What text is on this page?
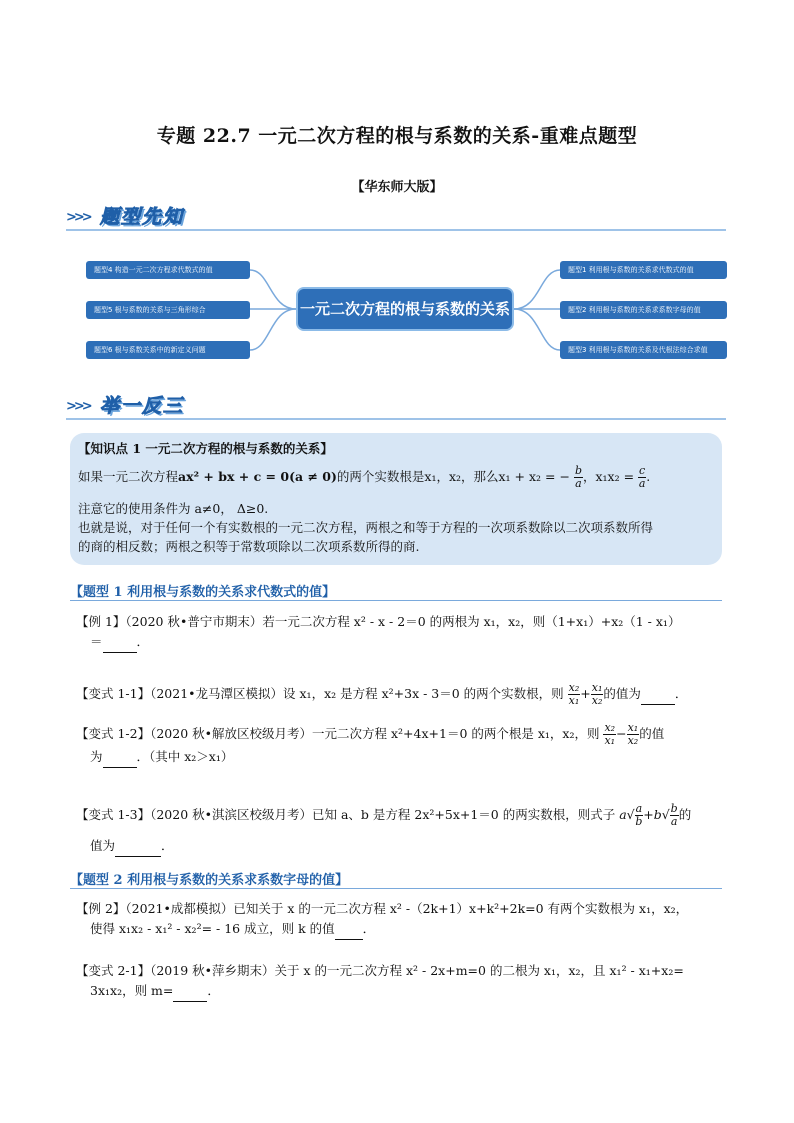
专题 22.7 一元二次方程的根与系数的关系-重难点题型
【华东师大版】
>>> 题型先知
题型4 构造一元二次方程求代数式的值
题型5 根与系数的关系与三角形综合
题型6 根与系数关系中的新定义问题
一元二次方程的根与系数的关系
题型1 利用根与系数的关系求代数式的值
题型2 利用根与系数的关系求系数字母的值
题型3 利用根与系数的关系及代根法综合求值
>>> 举一反三
【知识点 1 一元二次方程的根与系数的关系】
如果一元二次方程ax² + bx + c = 0(a ≠ 0)的两个实数根是x₁，x₂，那么x₁ + x₂ = − $\frac{b}{a}$ ，$x_1x_2 = \frac{c}{a}$ .
注意它的使用条件为 a≠0， Δ≥0.
也就是说，对于任何一个有实数根的一元二次方程，两根之和等于方程的一次项系数除以二次项系数所得
的商的相反数；两根之积等于常数项除以二次项系数所得的商.
【题型 1 利用根与系数的关系求代数式的值】
【例 1】（2020 秋•普宁市期末）若一元二次方程 x² - x - 2＝0 的两根为 x₁，x₂，则（1+x₁）+x₂（1 - x₁）
＝	．
【变式 1-1】（2021•龙马潭区模拟）设 x₁，x₂ 是方程 x²+3x - 3＝0 的两个实数根，则 $\frac{\text{x₂}}{\text{x₁}} + \frac{\text{x₁}}{\text{x₂}}$ 的值为	．
【变式 1-2】（2020 秋•解放区校级月考）一元二次方程 x²+4x+1＝0 的两个根是 x₁，x₂，则 $\frac{\text{x₂}}{\text{x₁}} - \frac{\text{x₁}}{\text{x₂}}$ 的值
为	．（其中 x₂＞x₁）
【变式 1-3】（2020 秋•淇滨区校级月考）已知 a、b 是方程 2x²+5x+1＝0 的两实数根，则式子 $a√ \frac{a}{b} +b√ \frac{b}{a}$ 的
值为	．
【题型 2 利用根与系数的关系求系数字母的值】
【例 2】（2021•成都模拟）已知关于 x 的一元二次方程 x² -（2k+1）x+k²+2k=0 有两个实数根为 x₁，x₂，
使得 x₁x₂ - x₁² - x₂²= - 16 成立，则 k 的值 ．
【变式 2-1】（2019 秋•萍乡期末）关于 x 的一元二次方程 x² - 2x+m=0 的二根为 x₁，x₂，且 x₁² - x₁+x₂=
3x₁x₂，则 m=	．
